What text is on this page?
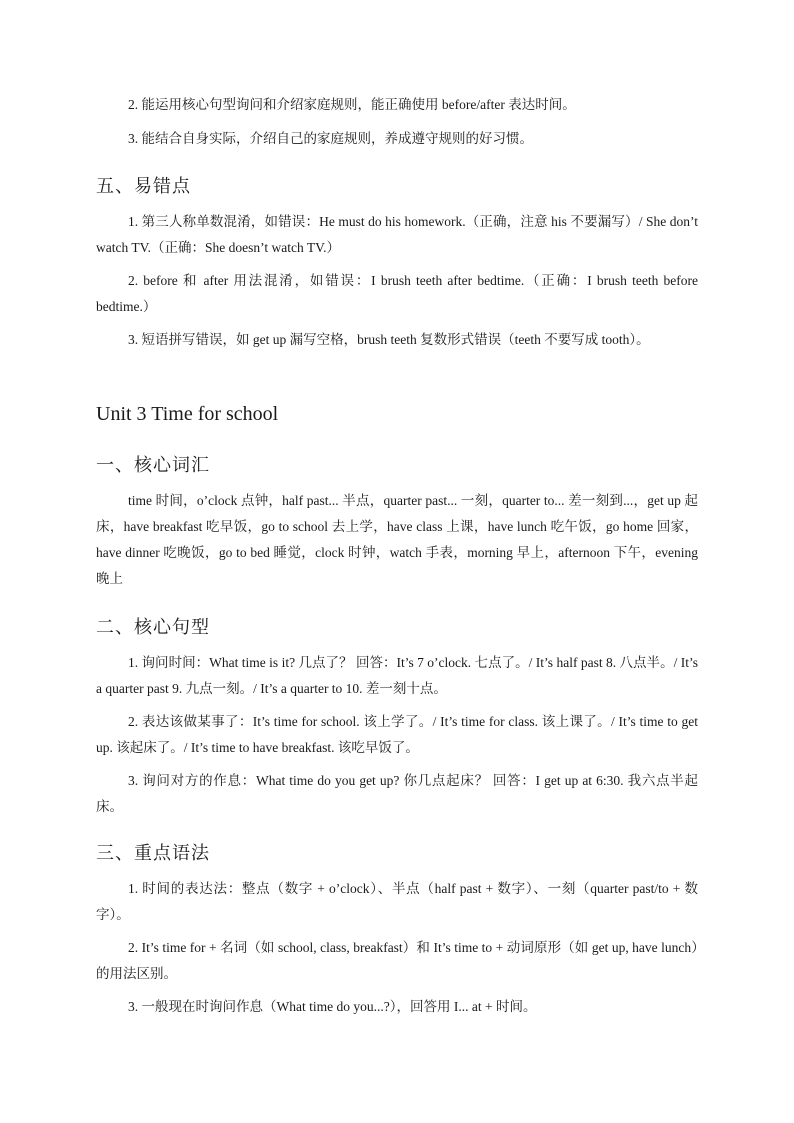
2. 能运用核心句型询问和介绍家庭规则，能正确使用 before/after 表达时间。

3. 能结合自身实际，介绍自己的家庭规则，养成遵守规则的好习惯。

五、易错点

1. 第三人称单数混淆，如错误：He must do his homework.（正确，注意 his 不要漏写）/ She don’t watch TV.（正确：She doesn’t watch TV.）

2. before 和 after 用法混淆，如错误：I brush teeth after bedtime.（正确：I brush teeth before bedtime.）

3. 短语拼写错误，如 get up 漏写空格，brush teeth 复数形式错误（teeth 不要写成 tooth）。

Unit 3 Time for school
一、核心词汇

time 时间，o’clock 点钟，half past... 半点，quarter past... 一刻，quarter to... 差一刻到...，get up 起床，have breakfast 吃早饭，go to school 去上学，have class 上课，have lunch 吃午饭，go home 回家，have dinner 吃晚饭，go to bed 睡觉，clock 时钟，watch 手表，morning 早上，afternoon 下午，evening 晚上

二、核心句型

1. 询问时间：What time is it? 几点了？ 回答：It’s 7 o’clock. 七点了。/ It’s half past 8. 八点半。/ It’s a quarter past 9. 九点一刻。/ It’s a quarter to 10. 差一刻十点。

2. 表达该做某事了：It’s time for school. 该上学了。/ It’s time for class. 该上课了。/ It’s time to get up. 该起床了。/ It’s time to have breakfast. 该吃早饭了。

3. 询问对方的作息：What time do you get up? 你几点起床？ 回答：I get up at 6:30. 我六点半起床。

三、重点语法

1. 时间的表达法：整点（数字 + o’clock）、半点（half past + 数字）、一刻（quarter past/to + 数字）。

2. It’s time for + 名词（如 school, class, breakfast）和 It’s time to + 动词原形（如 get up, have lunch）的用法区别。

3. 一般现在时询问作息（What time do you...?），回答用 I... at + 时间。
